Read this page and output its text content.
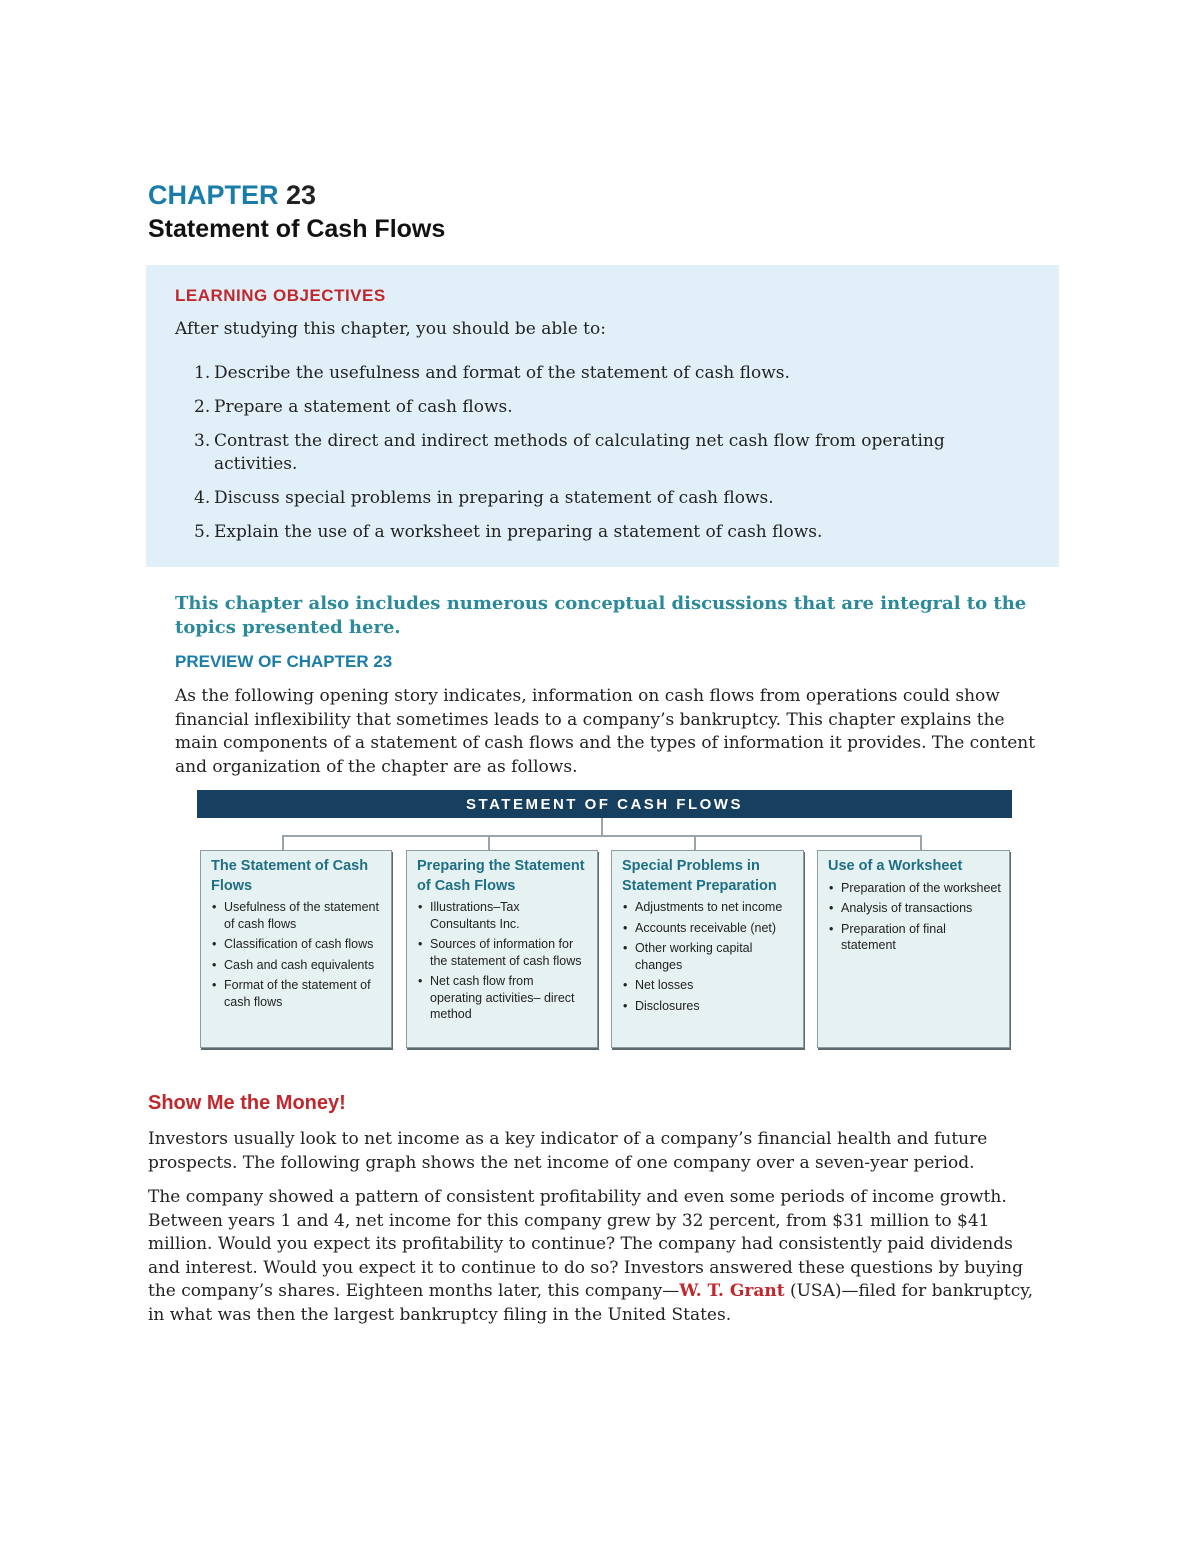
CHAPTER 23
Statement of Cash Flows
LEARNING OBJECTIVES
After studying this chapter, you should be able to:
1. Describe the usefulness and format of the statement of cash flows.
2. Prepare a statement of cash flows.
3. Contrast the direct and indirect methods of calculating net cash flow from operating activities.
4. Discuss special problems in preparing a statement of cash flows.
5. Explain the use of a worksheet in preparing a statement of cash flows.
This chapter also includes numerous conceptual discussions that are integral to the topics presented here.
PREVIEW OF CHAPTER 23
As the following opening story indicates, information on cash flows from operations could show financial inflexibility that sometimes leads to a company’s bankruptcy. This chapter explains the main components of a statement of cash flows and the types of information it provides. The content and organization of the chapter are as follows.
STATEMENT OF CASH FLOWS
The Statement of Cash Flows
• Usefulness of the statement of cash flows
• Classification of cash flows
• Cash and cash equivalents
• Format of the statement of cash flows
Preparing the Statement of Cash Flows
• Illustrations–Tax Consultants Inc.
• Sources of information for the statement of cash flows
• Net cash flow from operating activities– direct method
Special Problems in Statement Preparation
• Adjustments to net income
• Accounts receivable (net)
• Other working capital changes
• Net losses
• Disclosures
Use of a Worksheet
• Preparation of the worksheet
• Analysis of transactions
• Preparation of final statement
Show Me the Money!
Investors usually look to net income as a key indicator of a company’s financial health and future prospects. The following graph shows the net income of one company over a seven-year period.
The company showed a pattern of consistent profitability and even some periods of income growth. Between years 1 and 4, net income for this company grew by 32 percent, from $31 million to $41 million. Would you expect its profitability to continue? The company had consistently paid dividends and interest. Would you expect it to continue to do so? Investors answered these questions by buying the company’s shares. Eighteen months later, this company—W. T. Grant (USA)—filed for bankruptcy, in what was then the largest bankruptcy filing in the United States.
